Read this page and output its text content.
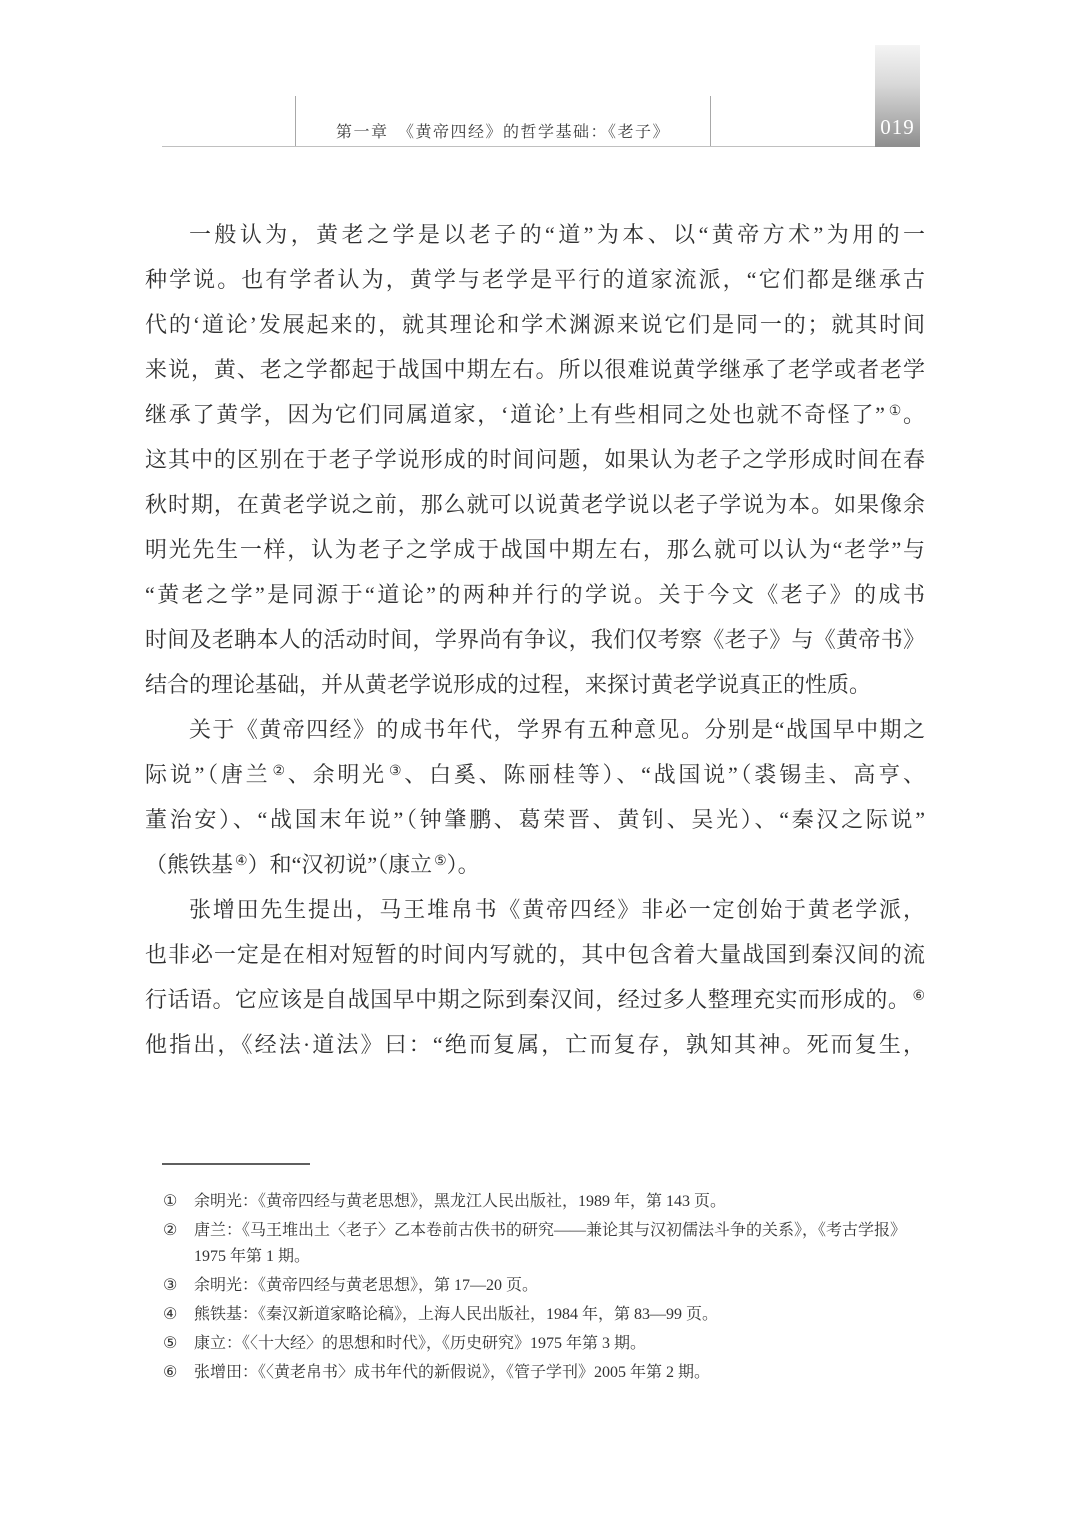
第一章　《黄帝四经》的哲学基础：《老子》	019
一般认为，黄老之学是以老子的“道”为本、以“黄帝方术”为用的一
种学说。也有学者认为，黄学与老学是平行的道家流派，“它们都是继承古
代的‘道论’发展起来的，就其理论和学术渊源来说它们是同一的；就其时间
来说，黄、老之学都起于战国中期左右。所以很难说黄学继承了老学或者老学
继承了黄学，因为它们同属道家，‘道论’上有些相同之处也就不奇怪了” ①。
这其中的区别在于老子学说形成的时间问题，如果认为老子之学形成时间在春
秋时期，在黄老学说之前，那么就可以说黄老学说以老子学说为本。如果像余
明光先生一样，认为老子之学成于战国中期左右，那么就可以认为“老学”与
“黄老之学”是同源于“道论”的两种并行的学说。关于今文《老子》的成书
时间及老聃本人的活动时间，学界尚有争议，我们仅考察《老子》与《黄帝书》
结合的理论基础，并从黄老学说形成的过程，来探讨黄老学说真正的性质。
关于《黄帝四经》的成书年代，学界有五种意见。分别是“战国早中期之
际说”（唐兰 ②、余明光 ③、白奚、陈丽桂等）、“战国说”（裘锡圭、高亨、
董治安）、“战国末年说”（钟肇鹏、葛荣晋、黄钊、吴光）、“秦汉之际说”
（熊铁基 ④）和“汉初说”（康立 ⑤）。
张增田先生提出，马王堆帛书《黄帝四经》非必一定创始于黄老学派，
也非必一定是在相对短暂的时间内写就的，其中包含着大量战国到秦汉间的流
行话语。它应该是自战国早中期之际到秦汉间，经过多人整理充实而形成的。 ⑥
他指出，《经法·道法》曰：“绝而复属，亡而复存，孰知其神。死而复生，
①	余明光：《黄帝四经与黄老思想》，黑龙江人民出版社，1989 年，第 143 页。
②	唐兰：《马王堆出土〈老子〉乙本卷前古佚书的研究——兼论其与汉初儒法斗争的关系》，《考古学报》
1975 年第 1 期。
③	余明光：《黄帝四经与黄老思想》，第 17—20 页。
④	熊铁基：《秦汉新道家略论稿》，上海人民出版社，1984 年，第 83—99 页。
⑤	康立：《〈十大经〉的思想和时代》，《历史研究》1975 年第 3 期。
⑥	张增田：《〈黄老帛书〉成书年代的新假说》，《管子学刊》2005 年第 2 期。
